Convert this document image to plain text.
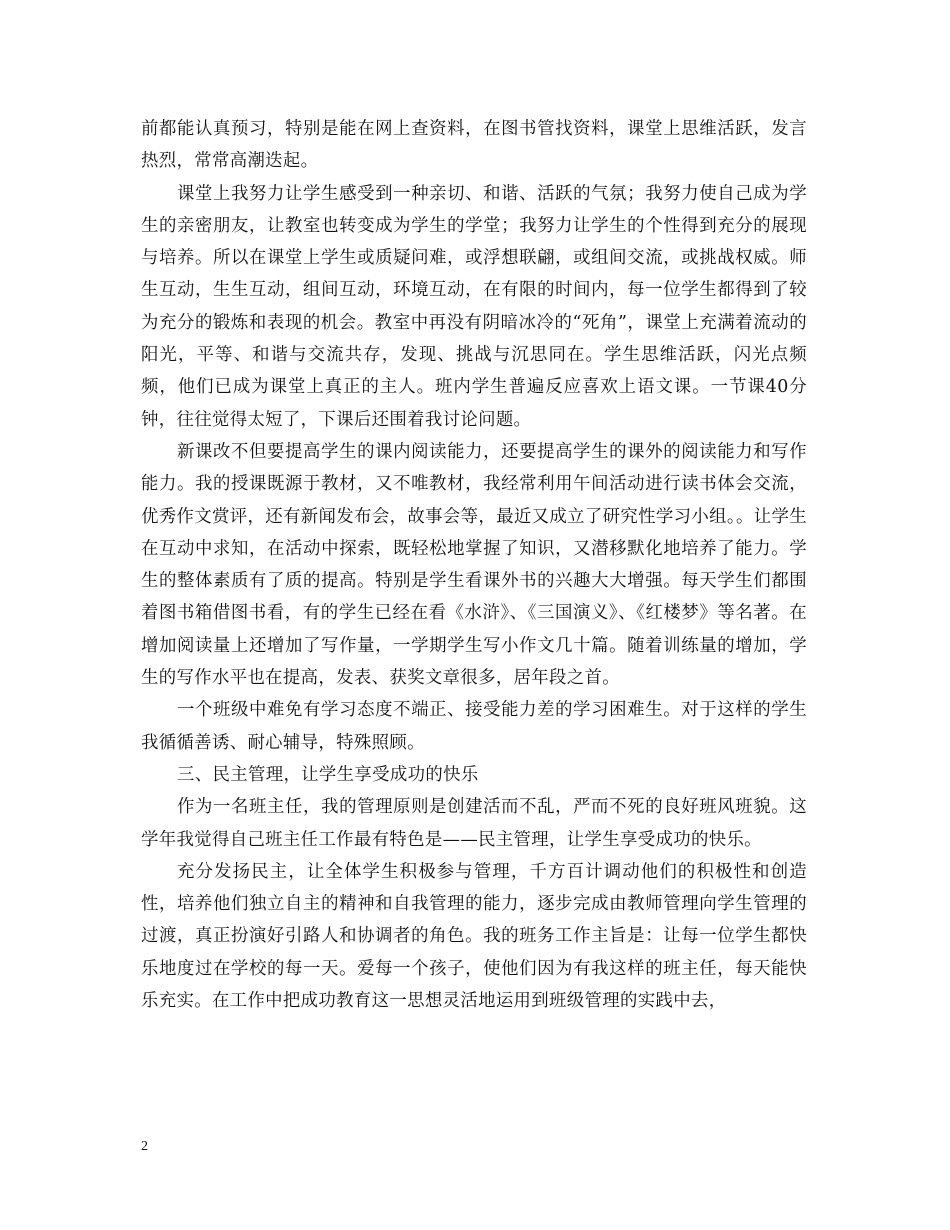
前都能认真预习，特别是能在网上查资料，在图书管找资料，课堂上思维活跃，发言热烈，常常高潮迭起。

课堂上我努力让学生感受到一种亲切、和谐、活跃的气氛；我努力使自己成为学生的亲密朋友，让教室也转变成为学生的学堂；我努力让学生的个性得到充分的展现与培养。所以在课堂上学生或质疑问难，或浮想联翩，或组间交流，或挑战权威。师生互动，生生互动，组间互动，环境互动，在有限的时间内，每一位学生都得到了较为充分的锻炼和表现的机会。教室中再没有阴暗冰冷的“死角”，课堂上充满着流动的阳光，平等、和谐与交流共存，发现、挑战与沉思同在。学生思维活跃，闪光点频频，他们已成为课堂上真正的主人。班内学生普遍反应喜欢上语文课。一节课40分钟，往往觉得太短了，下课后还围着我讨论问题。

新课改不但要提高学生的课内阅读能力，还要提高学生的课外的阅读能力和写作能力。我的授课既源于教材，又不唯教材，我经常利用午间活动进行读书体会交流，优秀作文赏评，还有新闻发布会，故事会等，最近又成立了研究性学习小组。。让学生在互动中求知，在活动中探索，既轻松地掌握了知识，又潜移默化地培养了能力。学生的整体素质有了质的提高。特别是学生看课外书的兴趣大大增强。每天学生们都围着图书箱借图书看，有的学生已经在看《水浒》、《三国演义》、《红楼梦》等名著。在增加阅读量上还增加了写作量，一学期学生写小作文几十篇。随着训练量的增加，学生的写作水平也在提高，发表、获奖文章很多，居年段之首。

一个班级中难免有学习态度不端正、接受能力差的学习困难生。对于这样的学生我循循善诱、耐心辅导，特殊照顾。

三、民主管理，让学生享受成功的快乐

作为一名班主任，我的管理原则是创建活而不乱，严而不死的良好班风班貌。这学年我觉得自己班主任工作最有特色是——民主管理，让学生享受成功的快乐。

充分发扬民主，让全体学生积极参与管理，千方百计调动他们的积极性和创造性，培养他们独立自主的精神和自我管理的能力，逐步完成由教师管理向学生管理的过渡，真正扮演好引路人和协调者的角色。我的班务工作主旨是：让每一位学生都快乐地度过在学校的每一天。爱每一个孩子，使他们因为有我这样的班主任，每天能快乐充实。在工作中把成功教育这一思想灵活地运用到班级管理的实践中去，

2
